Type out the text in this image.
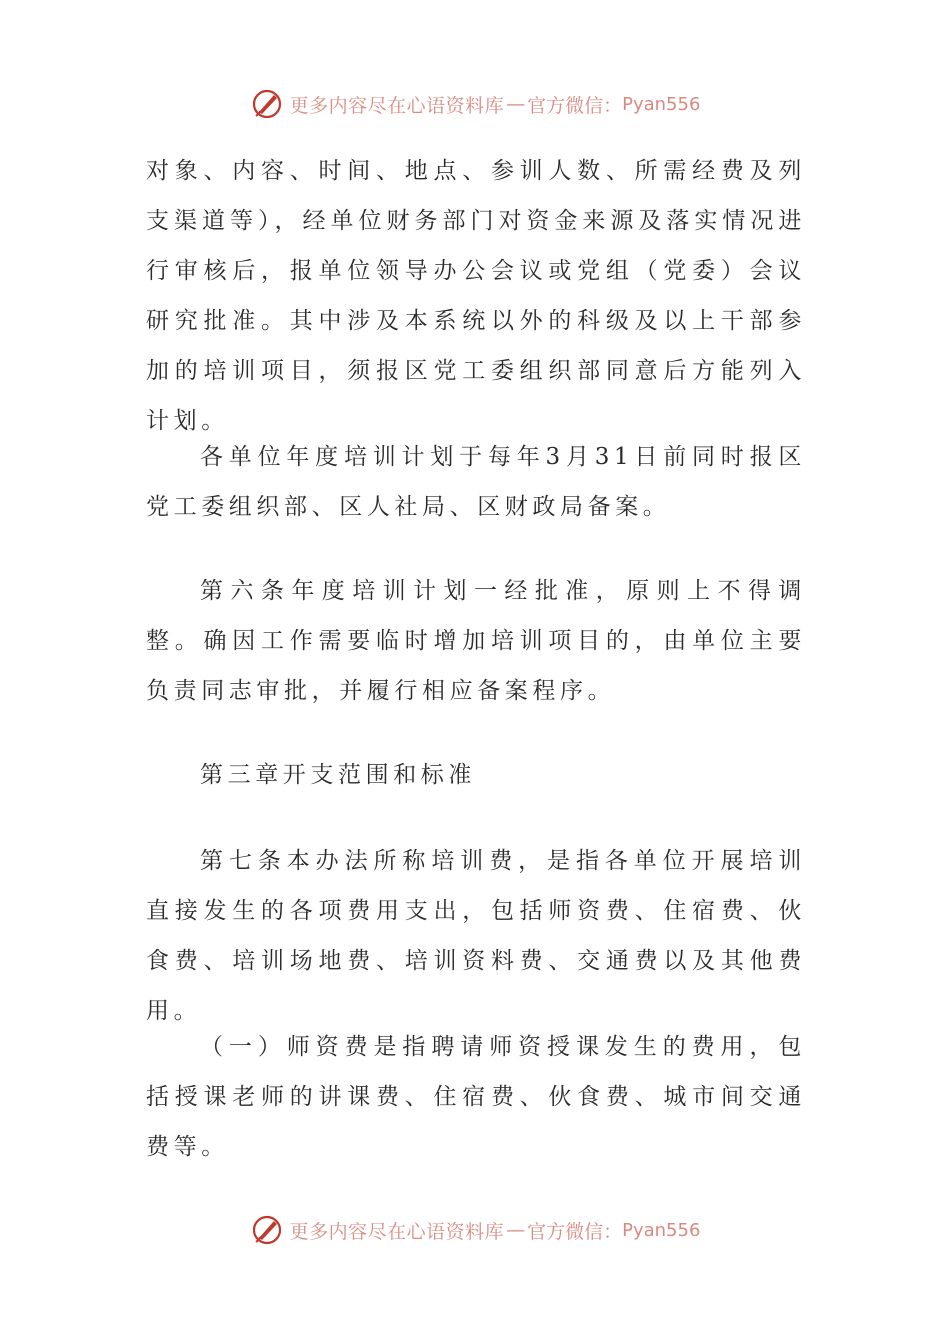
更多内容尽在心语资料库 — 官方微信： Pyan556

对象、内容、时间、地点、参训人数、所需经费及列支渠道等），经单位财务部门对资金来源及落实情况进行审核后，报单位领导办公会议或党组（党委）会议研究批准。其中涉及本系统以外的科级及以上干部参加的培训项目，须报区党工委组织部同意后方能列入计划。

各单位年度培训计划于每年3月31日前同时报区党工委组织部、区人社局、区财政局备案。

第六条年度培训计划一经批准，原则上不得调整。确因工作需要临时增加培训项目的，由单位主要负责同志审批，并履行相应备案程序。

第三章开支范围和标准

第七条本办法所称培训费，是指各单位开展培训直接发生的各项费用支出，包括师资费、住宿费、伙食费、培训场地费、培训资料费、交通费以及其他费用。

（一）师资费是指聘请师资授课发生的费用，包括授课老师的讲课费、住宿费、伙食费、城市间交通费等。

更多内容尽在心语资料库 — 官方微信： Pyan556
